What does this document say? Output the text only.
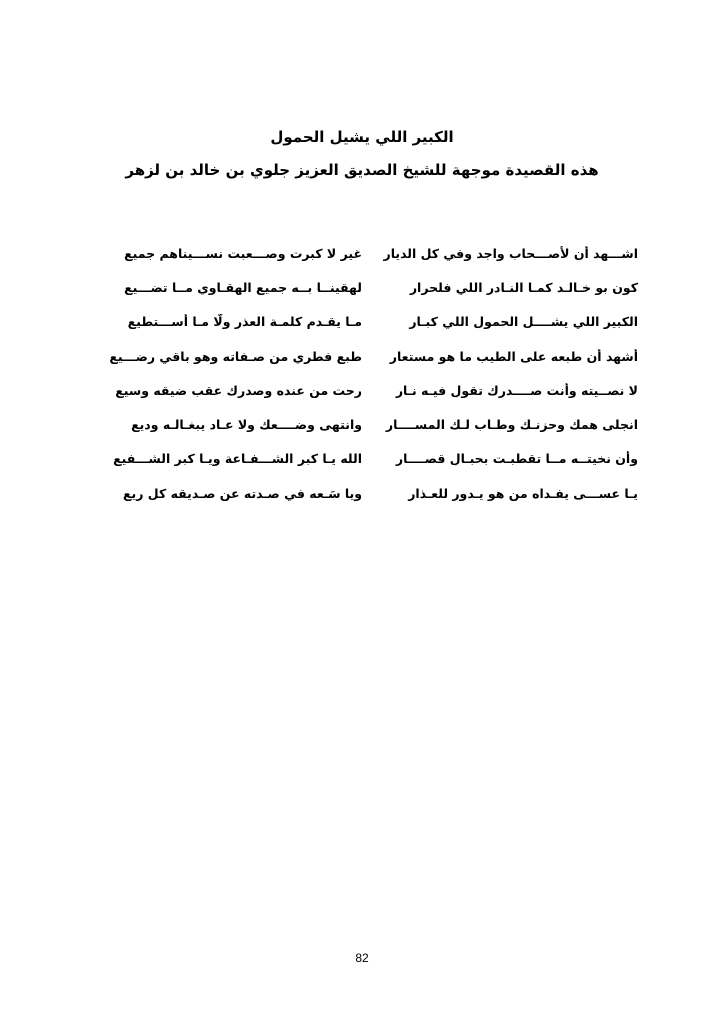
الكبير اللي يشيل الحمول
هذه القصيدة موجهة للشيخ الصديق العزيز جلوي بن خالد بن لزهر
اشـــهد أن لأصـــحاب واجد وفي كل الديار
غير لا كبرت وصـــعبت نســـيناهم جميع
كون بو خـالـد كمـا النـادر اللي فلحرار
لهقينــا بــه جميع الهقـاوي مــا تضـــيع
الكبير اللي يشــــل الحمول اللي كبـار
مـا يقـدم كلمـة العذر ولّا مـا أســـتطيع
أشهد أن طبعه على الطيب ما هو مستعار
طبع فطري من صـفاته وهو باقي رضـــيع
لا نصــيته وأنت صــــدرك تقولِ فيـه نـار
رحت من عنده وصدرك عقب ضيقه وسيع
انجلى همك وحزنـك وطـاب لـك المســــار
وانتهى وضــــعك ولا عـاد يبغـالـه وديع
وأن نخيتــه مــا تقطبـت بحبـالِ قصــــار
الله يـا كبر الشـــفـاعة ويـا كبر الشـــفيع
يـا عســـى يفـداه من هو يـدور للعـذار
ويا سَـعه في صـدته عن صـديقه كل ريع
82
